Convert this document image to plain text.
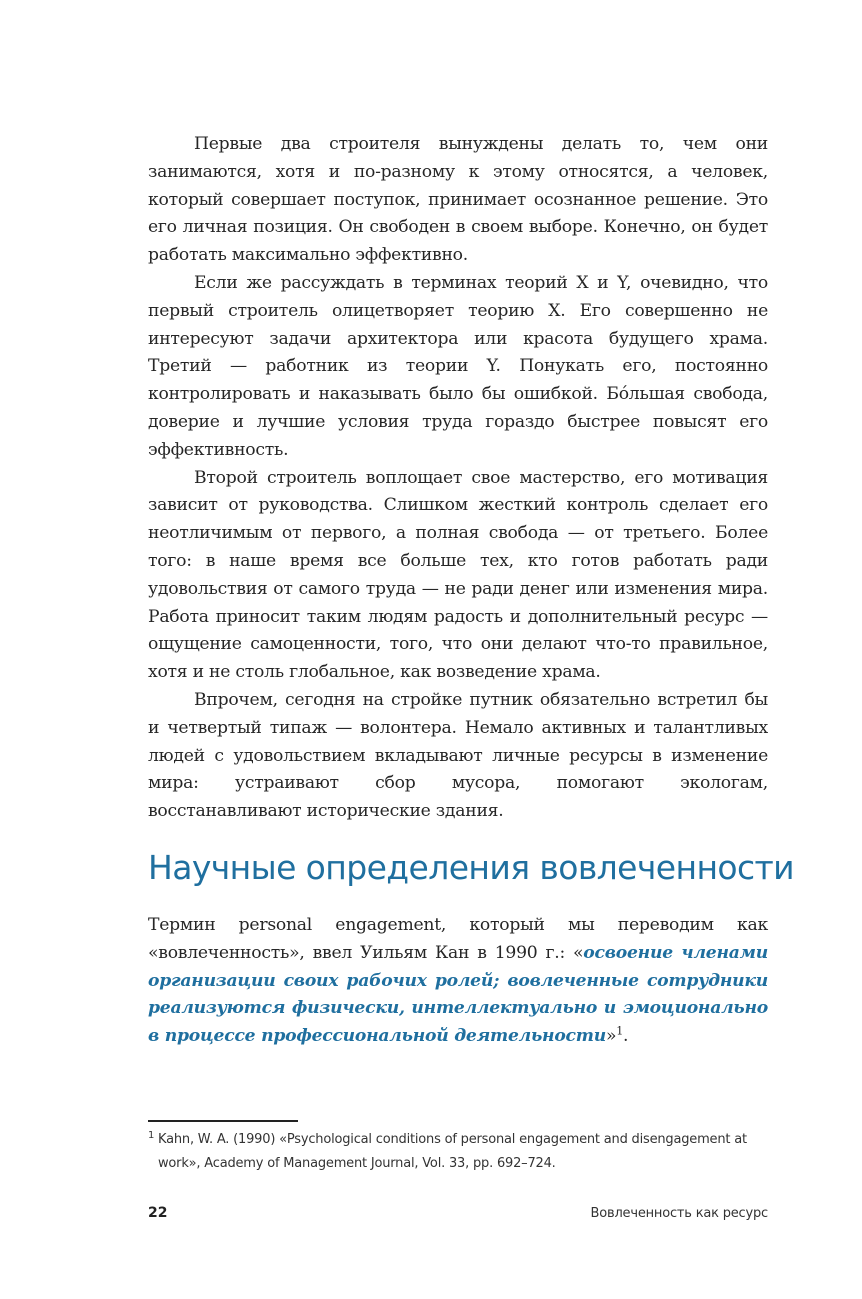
Первые два строителя вынуждены делать то, чем они занимаются, хотя и по-разному к этому относятся, а человек, который совершает поступок, принимает осознанное решение. Это его личная позиция. Он свободен в своем выборе. Конечно, он будет работать максимально эффективно.

Если же рассуждать в терминах теорий X и Y, очевидно, что первый строитель олицетворяет теорию X. Его совершенно не интересуют задачи архитектора или красота будущего храма. Третий — работник из теории Y. Понукать его, постоянно контролировать и наказывать было бы ошибкой. Бóльшая свобода, доверие и лучшие условия труда гораздо быстрее повысят его эффективность.

Второй строитель воплощает свое мастерство, его мотивация зависит от руководства. Слишком жесткий контроль сделает его неотличимым от первого, а полная свобода — от третьего. Более того: в наше время все больше тех, кто готов работать ради удовольствия от самого труда — не ради денег или изменения мира. Работа приносит таким людям радость и дополнительный ресурс — ощущение самоценности, того, что они делают что-то правильное, хотя и не столь глобальное, как возведение храма.

Впрочем, сегодня на стройке путник обязательно встретил бы и четвертый типаж — волонтера. Немало активных и талантливых людей с удовольствием вкладывают личные ресурсы в изменение мира: устраивают сбор мусора, помогают экологам, восстанавливают исторические здания.

Научные определения вовлеченности

Термин personal engagement, который мы переводим как «вовлеченность», ввел Уильям Кан в 1990 г.: «освоение членами организации своих рабочих ролей; вовлеченные сотрудники реализуются физически, интеллектуально и эмоционально в процессе профессиональной деятельности»$^1$.

1 Kahn, W. A. (1990) «Psychological conditions of personal engagement and disengagement at work», Academy of Management Journal, Vol. 33, pp. 692–724.
22	Вовлеченность как ресурс
